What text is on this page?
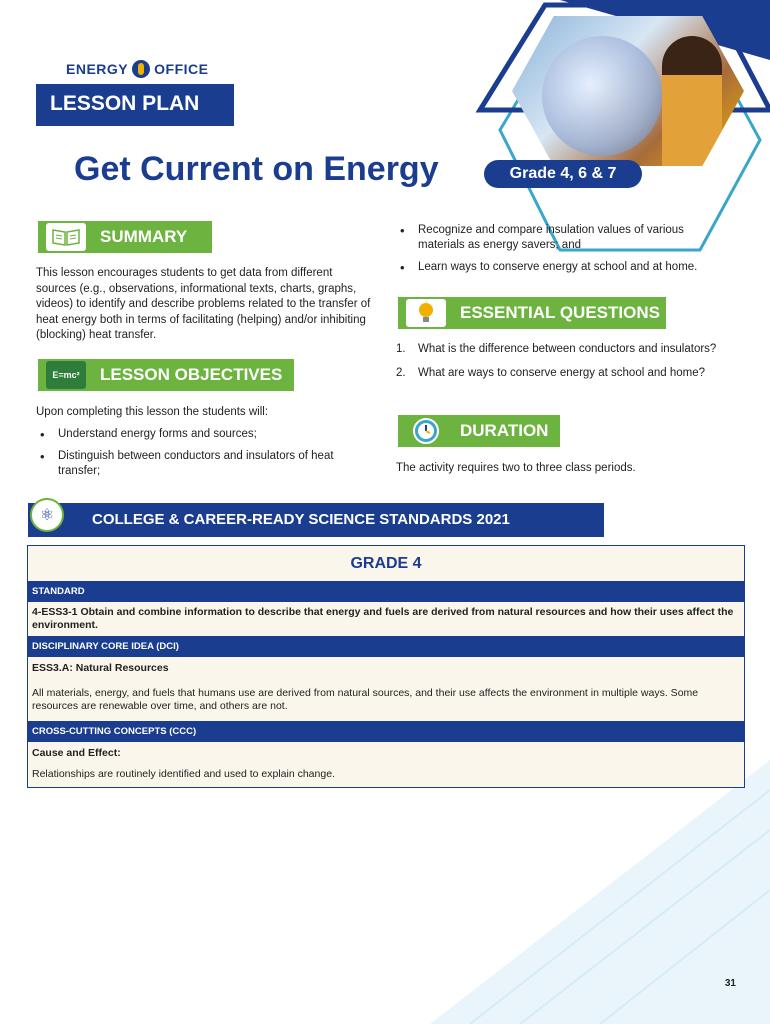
ENERGY OFFICE
LESSON PLAN
Get Current on Energy	Grade 4, 6 & 7
SUMMARY
This lesson encourages students to get data from different sources (e.g., observations, informational texts, charts, graphs, videos) to identify and describe problems related to the transfer of heat energy both in terms of facilitating (helping) and/or inhibiting (blocking) heat transfer.
E=mc²	LESSON OBJECTIVES
Upon completing this lesson the students will:
• Understand energy forms and sources;
• Distinguish between conductors and insulators of heat transfer;
• Recognize and compare insulation values of various materials as energy savers; and
• Learn ways to conserve energy at school and at home.
ESSENTIAL QUESTIONS
1. What is the difference between conductors and insulators?
2. What are ways to conserve energy at school and home?
DURATION
The activity requires two to three class periods.
COLLEGE & CAREER-READY SCIENCE STANDARDS 2021
⚛
GRADE 4
STANDARD
4-ESS3-1 Obtain and combine information to describe that energy and fuels are derived from natural resources and how their uses affect the environment.
DISCIPLINARY CORE IDEA (DCI)
ESS3.A: Natural Resources
All materials, energy, and fuels that humans use are derived from natural sources, and their use affects the environment in multiple ways. Some resources are renewable over time, and others are not.
CROSS-CUTTING CONCEPTS (CCC)
Cause and Effect:
Relationships are routinely identified and used to explain change.
31
